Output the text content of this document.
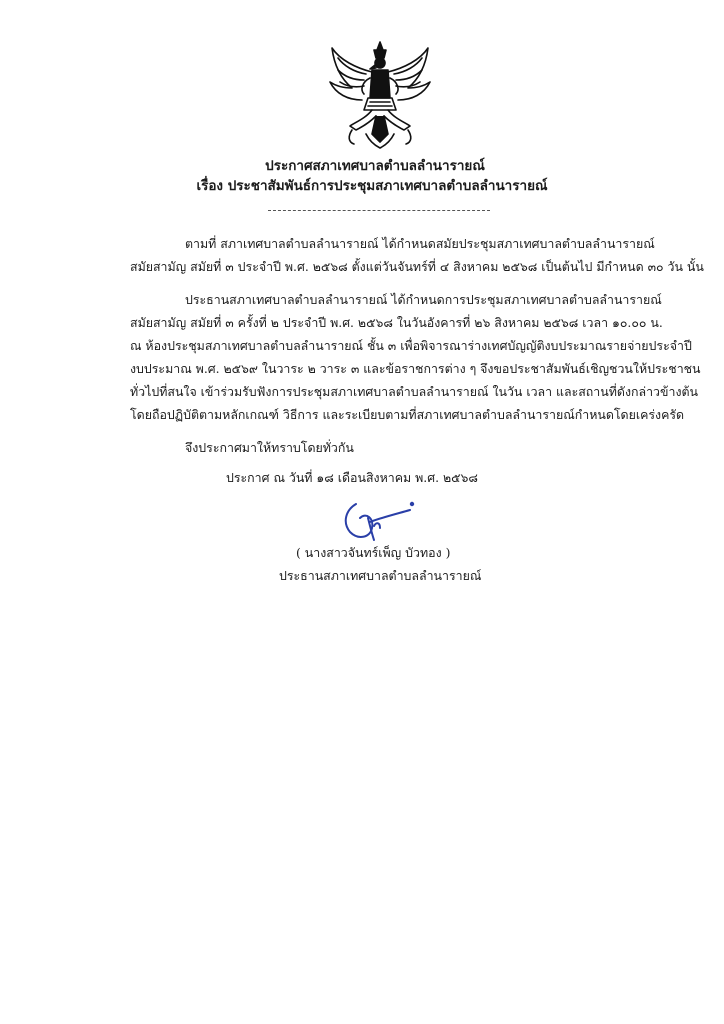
ประกาศสภาเทศบาลตำบลลำนารายณ์
เรื่อง ประชาสัมพันธ์การประชุมสภาเทศบาลตำบลลำนารายณ์
ตามที่ สภาเทศบาลตำบลลำนารายณ์ ได้กำหนดสมัยประชุมสภาเทศบาลตำบลลำนารายณ์
สมัยสามัญ สมัยที่ ๓ ประจำปี พ.ศ. ๒๕๖๘ ตั้งแต่วันจันทร์ที่ ๔ สิงหาคม ๒๕๖๘ เป็นต้นไป มีกำหนด ๓๐ วัน นั้น
ประธานสภาเทศบาลตำบลลำนารายณ์ ได้กำหนดการประชุมสภาเทศบาลตำบลลำนารายณ์
สมัยสามัญ สมัยที่ ๓ ครั้งที่ ๒ ประจำปี พ.ศ. ๒๕๖๘ ในวันอังคารที่ ๒๖ สิงหาคม ๒๕๖๘ เวลา ๑๐.๐๐ น.
ณ ห้องประชุมสภาเทศบาลตำบลลำนารายณ์ ชั้น ๓ เพื่อพิจารณาร่างเทศบัญญัติงบประมาณรายจ่ายประจำปี
งบประมาณ พ.ศ. ๒๕๖๙ ในวาระ ๒ วาระ ๓ และข้อราชการต่าง ๆ จึงขอประชาสัมพันธ์เชิญชวนให้ประชาชน
ทั่วไปที่สนใจ เข้าร่วมรับฟังการประชุมสภาเทศบาลตำบลลำนารายณ์ ในวัน เวลา และสถานที่ดังกล่าวข้างต้น
โดยถือปฏิบัติตามหลักเกณฑ์ วิธีการ และระเบียบตามที่สภาเทศบาลตำบลลำนารายณ์กำหนดโดยเคร่งครัด
จึงประกาศมาให้ทราบโดยทั่วกัน
ประกาศ ณ วันที่ ๑๘ เดือนสิงหาคม พ.ศ. ๒๕๖๘
( นางสาวจันทร์เพ็ญ บัวทอง )
ประธานสภาเทศบาลตำบลลำนารายณ์
